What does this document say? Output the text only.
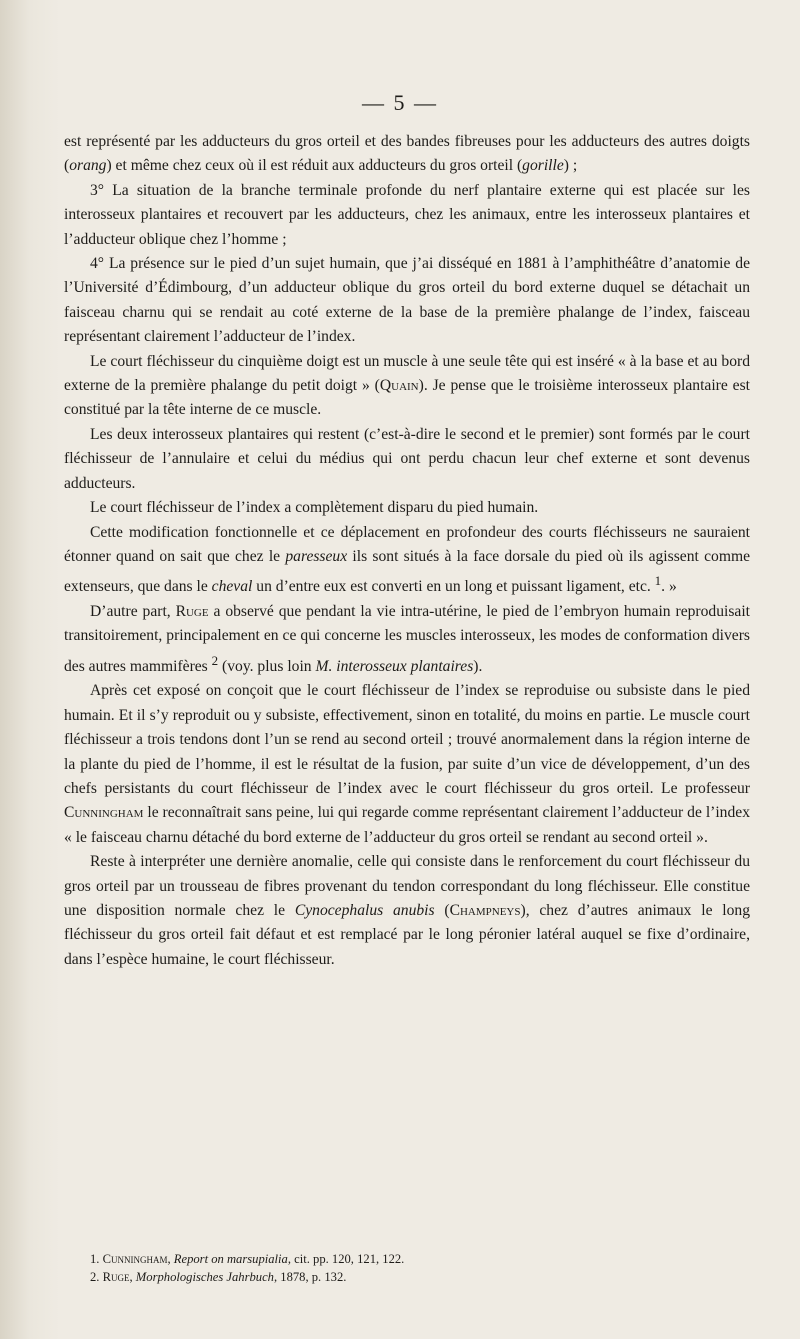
— 5 —

est représenté par les adducteurs du gros orteil et des bandes fibreuses pour les adducteurs des autres doigts (orang) et même chez ceux où il est réduit aux adducteurs du gros orteil (gorille) ;

3° La situation de la branche terminale profonde du nerf plantaire externe qui est placée sur les interosseux plantaires et recouvert par les adducteurs, chez les animaux, entre les interosseux plantaires et l’adducteur oblique chez l’homme ;

4° La présence sur le pied d’un sujet humain, que j’ai disséqué en 1881 à l’amphithéâtre d’anatomie de l’Université d’Édimbourg, d’un adducteur oblique du gros orteil du bord externe duquel se détachait un faisceau charnu qui se rendait au coté externe de la base de la première phalange de l’index, faisceau représentant clairement l’adducteur de l’index.

Le court fléchisseur du cinquième doigt est un muscle à une seule tête qui est inséré « à la base et au bord externe de la première phalange du petit doigt » (Quain). Je pense que le troisième interosseux plantaire est constitué par la tête interne de ce muscle.

Les deux interosseux plantaires qui restent (c’est-à-dire le second et le premier) sont formés par le court fléchisseur de l’annulaire et celui du médius qui ont perdu chacun leur chef externe et sont devenus adducteurs.

Le court fléchisseur de l’index a complètement disparu du pied humain.

Cette modification fonctionnelle et ce déplacement en profondeur des courts fléchisseurs ne sauraient étonner quand on sait que chez le paresseux ils sont situés à la face dorsale du pied où ils agissent comme extenseurs, que dans le cheval un d’entre eux est converti en un long et puissant ligament, etc. $^1$. »

D’autre part, Ruge a observé que pendant la vie intra-utérine, le pied de l’embryon humain reproduisait transitoirement, principalement en ce qui concerne les muscles interosseux, les modes de conformation divers des autres mammifères $^2$ (voy. plus loin M. interosseux plantaires).

Après cet exposé on conçoit que le court fléchisseur de l’index se reproduise ou subsiste dans le pied humain. Et il s’y reproduit ou y subsiste, effectivement, sinon en totalité, du moins en partie. Le muscle court fléchisseur a trois tendons dont l’un se rend au second orteil ; trouvé anormalement dans la région interne de la plante du pied de l’homme, il est le résultat de la fusion, par suite d’un vice de développement, d’un des chefs persistants du court fléchisseur de l’index avec le court fléchisseur du gros orteil. Le professeur Cunningham le reconnaîtrait sans peine, lui qui regarde comme représentant clairement l’adducteur de l’index « le faisceau charnu détaché du bord externe de l’adducteur du gros orteil se rendant au second orteil ».

Reste à interpréter une dernière anomalie, celle qui consiste dans le renforcement du court fléchisseur du gros orteil par un trousseau de fibres provenant du tendon correspondant du long fléchisseur. Elle constitue une disposition normale chez le Cynocephalus anubis (Champneys), chez d’autres animaux le long fléchisseur du gros orteil fait défaut et est remplacé par le long péronier latéral auquel se fixe d’ordinaire, dans l’espèce humaine, le court fléchisseur.

1. Cunningham, Report on marsupialia, cit. pp. 120, 121, 122.

2. Ruge, Morphologisches Jahrbuch, 1878, p. 132.
